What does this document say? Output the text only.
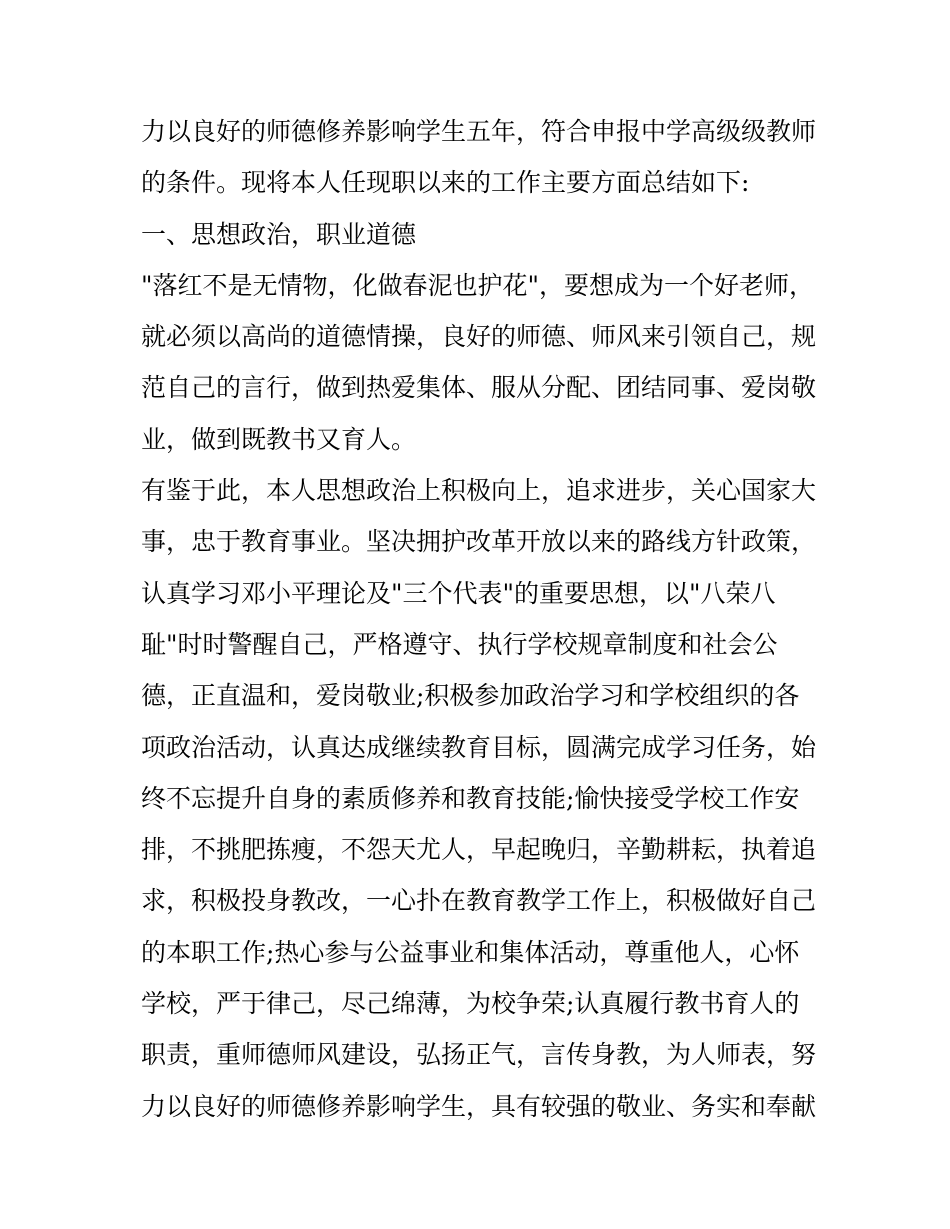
力以良好的师德修养影响学生五年，符合申报中学高级级教师
的条件。现将本人任现职以来的工作主要方面总结如下:
一、思想政治，职业道德
"落红不是无情物，化做春泥也护花"，要想成为一个好老师，
就必须以高尚的道德情操，良好的师德、师风来引领自己，规
范自己的言行，做到热爱集体、服从分配、团结同事、爱岗敬
业，做到既教书又育人。
有鉴于此，本人思想政治上积极向上，追求进步，关心国家大
事，忠于教育事业。坚决拥护改革开放以来的路线方针政策，
认真学习邓小平理论及"三个代表"的重要思想，以"八荣八
耻"时时警醒自己，严格遵守、执行学校规章制度和社会公
德，正直温和，爱岗敬业;积极参加政治学习和学校组织的各
项政治活动，认真达成继续教育目标，圆满完成学习任务，始
终不忘提升自身的素质修养和教育技能;愉快接受学校工作安
排，不挑肥拣瘦，不怨天尤人，早起晚归，辛勤耕耘，执着追
求，积极投身教改，一心扑在教育教学工作上，积极做好自己
的本职工作;热心参与公益事业和集体活动，尊重他人，心怀
学校，严于律己，尽己绵薄，为校争荣;认真履行教书育人的
职责，重师德师风建设，弘扬正气，言传身教，为人师表，努
力以良好的师德修养影响学生，具有较强的敬业、务实和奉献
